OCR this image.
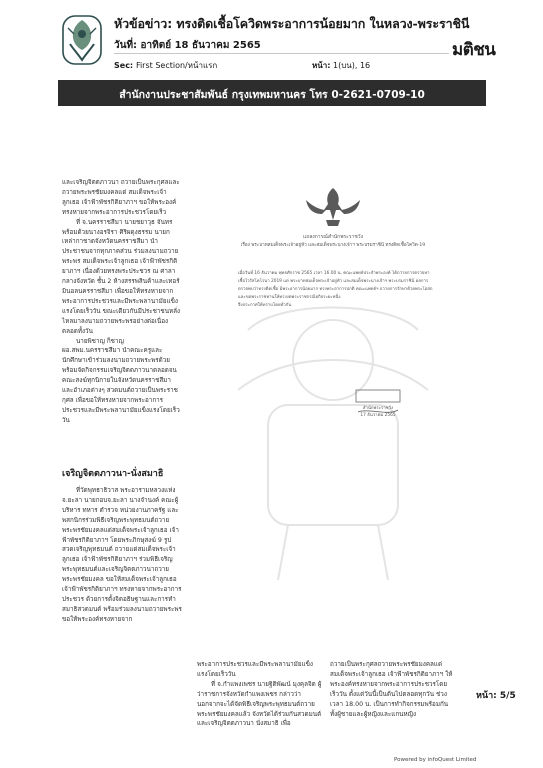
หัวข้อข่าว: ทรงติดเชื้อโควิดพระอาการน้อยมาก ในหลวง-พระราชินี
วันที่: อาทิตย์ 18 ธันวาคม 2565
Sec: First Section/หน้าแรก	หน้า: 1(บน), 16
มติชน
สำนักงานประชาสัมพันธ์ กรุงเทพมหานคร โทร 0-2621-0709-10

และเจริญจิตตภาวนา ถวายเป็นพระกุศลและถวายพระพรชัยมงคลแด่ สมเด็จพระเจ้าลูกเธอ เจ้าฟ้าพัชรกิติยาภาฯ ขอให้พระองค์ทรงหายจากพระอาการประชวรโดยเร็ว

ที่ จ.นครราชสีมา นายชยาวุธ จันทร พร้อมด้วยนางอรจิรา ศิริผดุงธรรม นายกเหล่ากาชาดจังหวัดนครราชสีมา นำประชาชนจากทุกภาคส่วน ร่วมลงนามถวายพระพร สมเด็จพระเจ้าลูกเธอ เจ้าฟ้าพัชรกิติยาภาฯ เนื่องด้วยทรงพระประชวร ณ ศาลากลางจังหวัด ชั้น 2 ห้างสรรพสินค้าและเทอร์มินอลนครราชสีมา เพื่อขอให้ทรงหายจากพระอาการประชวรและมีพระพลานามัยแข็งแรงโดยเร็ววัน ขณะเดียวกันมีประชาชนหลั่งไหลมาลงนามถวายพระพรอย่างต่อเนื่องตลอดทั้งวัน

นายพิชาญ ก็ชาญ ผอ.สพม.นครราชสีมา นำคณะครูและนักศึกษาเข้าร่วมลงนามถวายพระพรด้วย พร้อมจัดกิจกรรมเจริญจิตตภาวนาตลอดจนคณะสงฆ์ทุกนิกายในจังหวัดนครราชสีมาและอำเภอต่างๆ สวดมนต์ถวายเป็นพระราชกุศล เพื่อขอให้ทรงหายจากพระอาการประชวรและมีพระพลานามัยแข็งแรงโดยเร็ววัน

เจริญจิตตภาวนา-นั่งสมาธิ

ที่วัดพุทธาธิวาส พระอารามหลวงแห่ง จ.ยะลา นายกอบจ.ยะลา นางจำนงค์ คณะผู้บริหาร ทหาร ตำรวจ หน่วยงานภาครัฐ และพสกนิกรร่วมพิธีเจริญพระพุทธมนต์ถวายพระพรชัยมงคลแด่สมเด็จพระเจ้าลูกเธอ เจ้าฟ้าพัชรกิติยาภาฯ โดยพระภิกษุสงฆ์ 9 รูป สวดเจริญพุทธมนต์ ถวายแด่สมเด็จพระเจ้าลูกเธอ เจ้าฟ้าพัชรกิติยาภาฯ ร่วมพิธีเจริญพระพุทธมนต์และเจริญจิตตภาวนาถวายพระพรชัยมงคล ขอให้สมเด็จพระเจ้าลูกเธอ เจ้าฟ้าพัชรกิติยาภาฯ ทรงหายจากพระอาการประชวร ด้วยการตั้งจิตอธิษฐานและการทำสมาธิสวดมนต์ พร้อมร่วมลงนามถวายพระพร ขอให้พระองค์ทรงหายจาก

แถลงการณ์สำนักพระราชวัง
เรื่อง พระบาทสมเด็จพระเจ้าอยู่หัว และสมเด็จพระนางเจ้าฯ พระบรมราชินี ทรงติดเชื้อโควิด-19
เมื่อวันที่ 16 ธันวาคม พุทธศักราช 2565 เวลา 16.00 น. คณะแพทย์ประจำพระองค์ ได้ถวายการตรวจหาเชื้อไวรัสโคโรนา 2019 แด่ พระบาทสมเด็จพระเจ้าอยู่หัว และสมเด็จพระนางเจ้าฯ พระบรมราชินี ผลการตรวจพบว่าทรงติดเชื้อ มีพระอาการน้อยมาก ทรงพระอาการปกติ คณะแพทย์ฯ ถวายการรักษาด้วยพระโอสถ และขอพระราชทานให้ทรงงดพระราชกรณียกิจระยะหนึ่ง
จึงประกาศให้ทราบโดยทั่วกัน
สำนักพระราชวัง
17 ธันวาคม 2565

พระอาการประชวรและมีพระพลานามัยแข็งแรงโดยเร็ววัน

ที่ จ.กำแพงเพชร นายฐิติพัฒน์ มุงคุลจิต ผู้ว่าราชการจังหวัดกำแพงเพชร กล่าวว่า นอกจากจะได้จัดพิธีเจริญพระพุทธมนต์ถวายพระพรชัยมงคลแล้ว จังหวัดได้ร่วมกันสวดมนต์และเจริญจิตตภาวนา นั่งสมาธิ เพื่อ

ถวายเป็นพระกุศลถวายพระพรชัยมงคลแด่สมเด็จพระเจ้าลูกเธอ เจ้าฟ้าพัชรกิติยาภาฯ ให้พระองค์ทรงหายจากพระอาการประชวรโดยเร็ววัน ตั้งแต่วันนี้เป็นต้นไปตลอดทุกวัน ช่วงเวลา 18.00 น. เป็นการทำกิจกรรมพร้อมกันทั้งผู้ชายและผู้หญิงและแกนหญิง

หน้า: 5/5
Powered by infoQuest Limited
